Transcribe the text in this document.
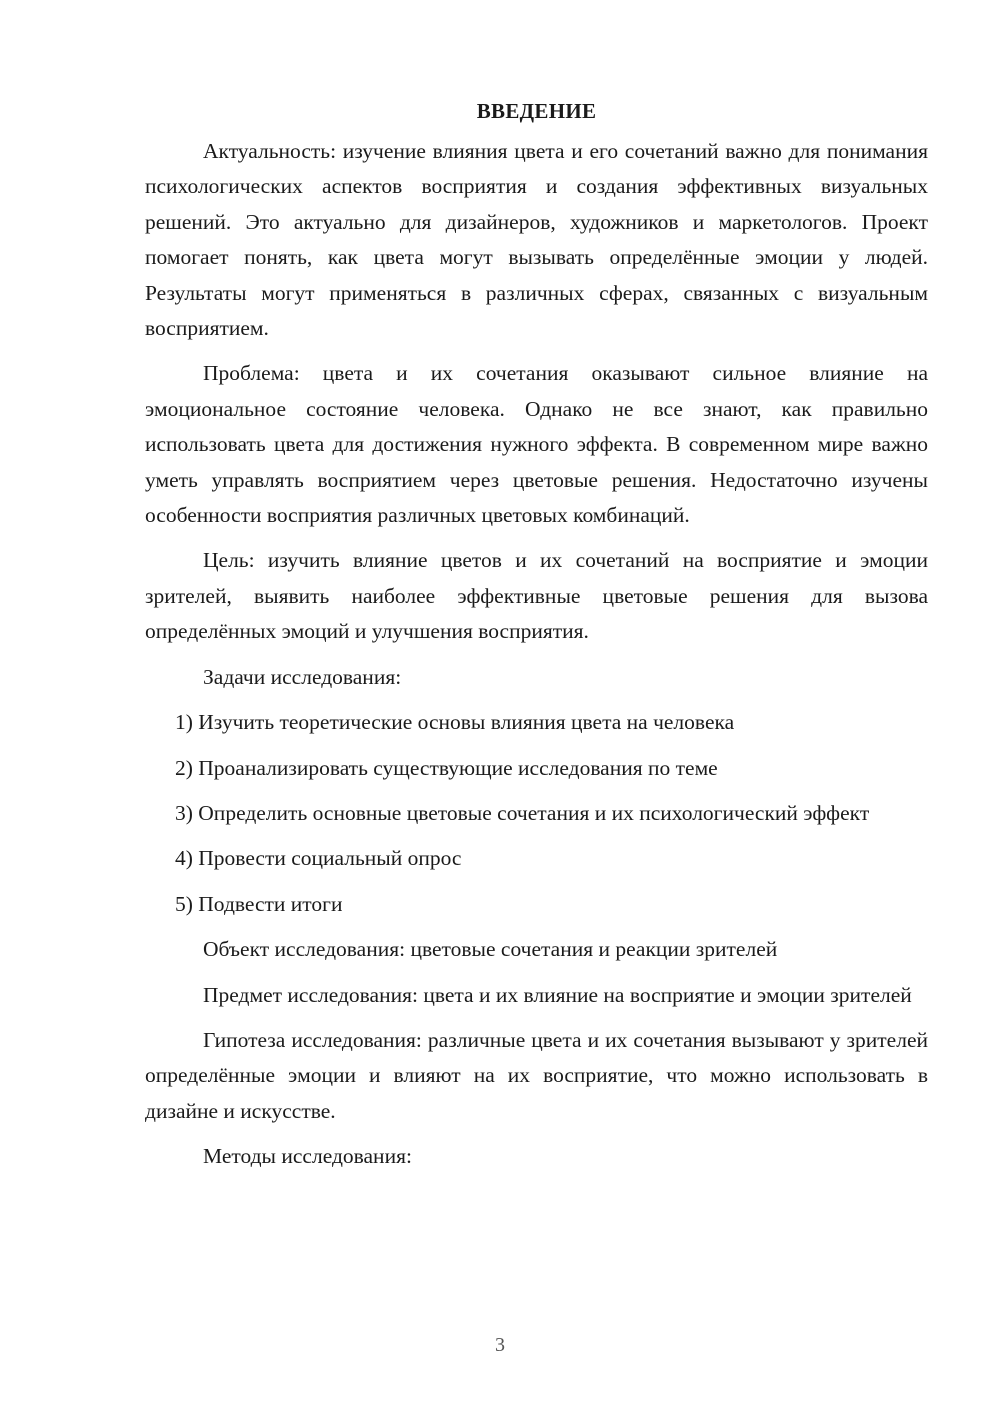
ВВЕДЕНИЕ

Актуальность: изучение влияния цвета и его сочетаний важно для понимания психологических аспектов восприятия и создания эффективных визуальных решений. Это актуально для дизайнеров, художников и маркетологов. Проект помогает понять, как цвета могут вызывать определённые эмоции у людей. Результаты могут применяться в различных сферах, связанных с визуальным восприятием.

Проблема: цвета и их сочетания оказывают сильное влияние на эмоциональное состояние человека. Однако не все знают, как правильно использовать цвета для достижения нужного эффекта. В современном мире важно уметь управлять восприятием через цветовые решения. Недостаточно изучены особенности восприятия различных цветовых комбинаций.

Цель: изучить влияние цветов и их сочетаний на восприятие и эмоции зрителей, выявить наиболее эффективные цветовые решения для вызова определённых эмоций и улучшения восприятия.

Задачи исследования:

1) Изучить теоретические основы влияния цвета на человека

2) Проанализировать существующие исследования по теме

3) Определить основные цветовые сочетания и их психологический эффект

4) Провести социальный опрос

5) Подвести итоги

Объект исследования: цветовые сочетания и реакции зрителей

Предмет исследования: цвета и их влияние на восприятие и эмоции зрителей

Гипотеза исследования: различные цвета и их сочетания вызывают у зрителей определённые эмоции и влияют на их восприятие, что можно использовать в дизайне и искусстве.

Методы исследования:

3
